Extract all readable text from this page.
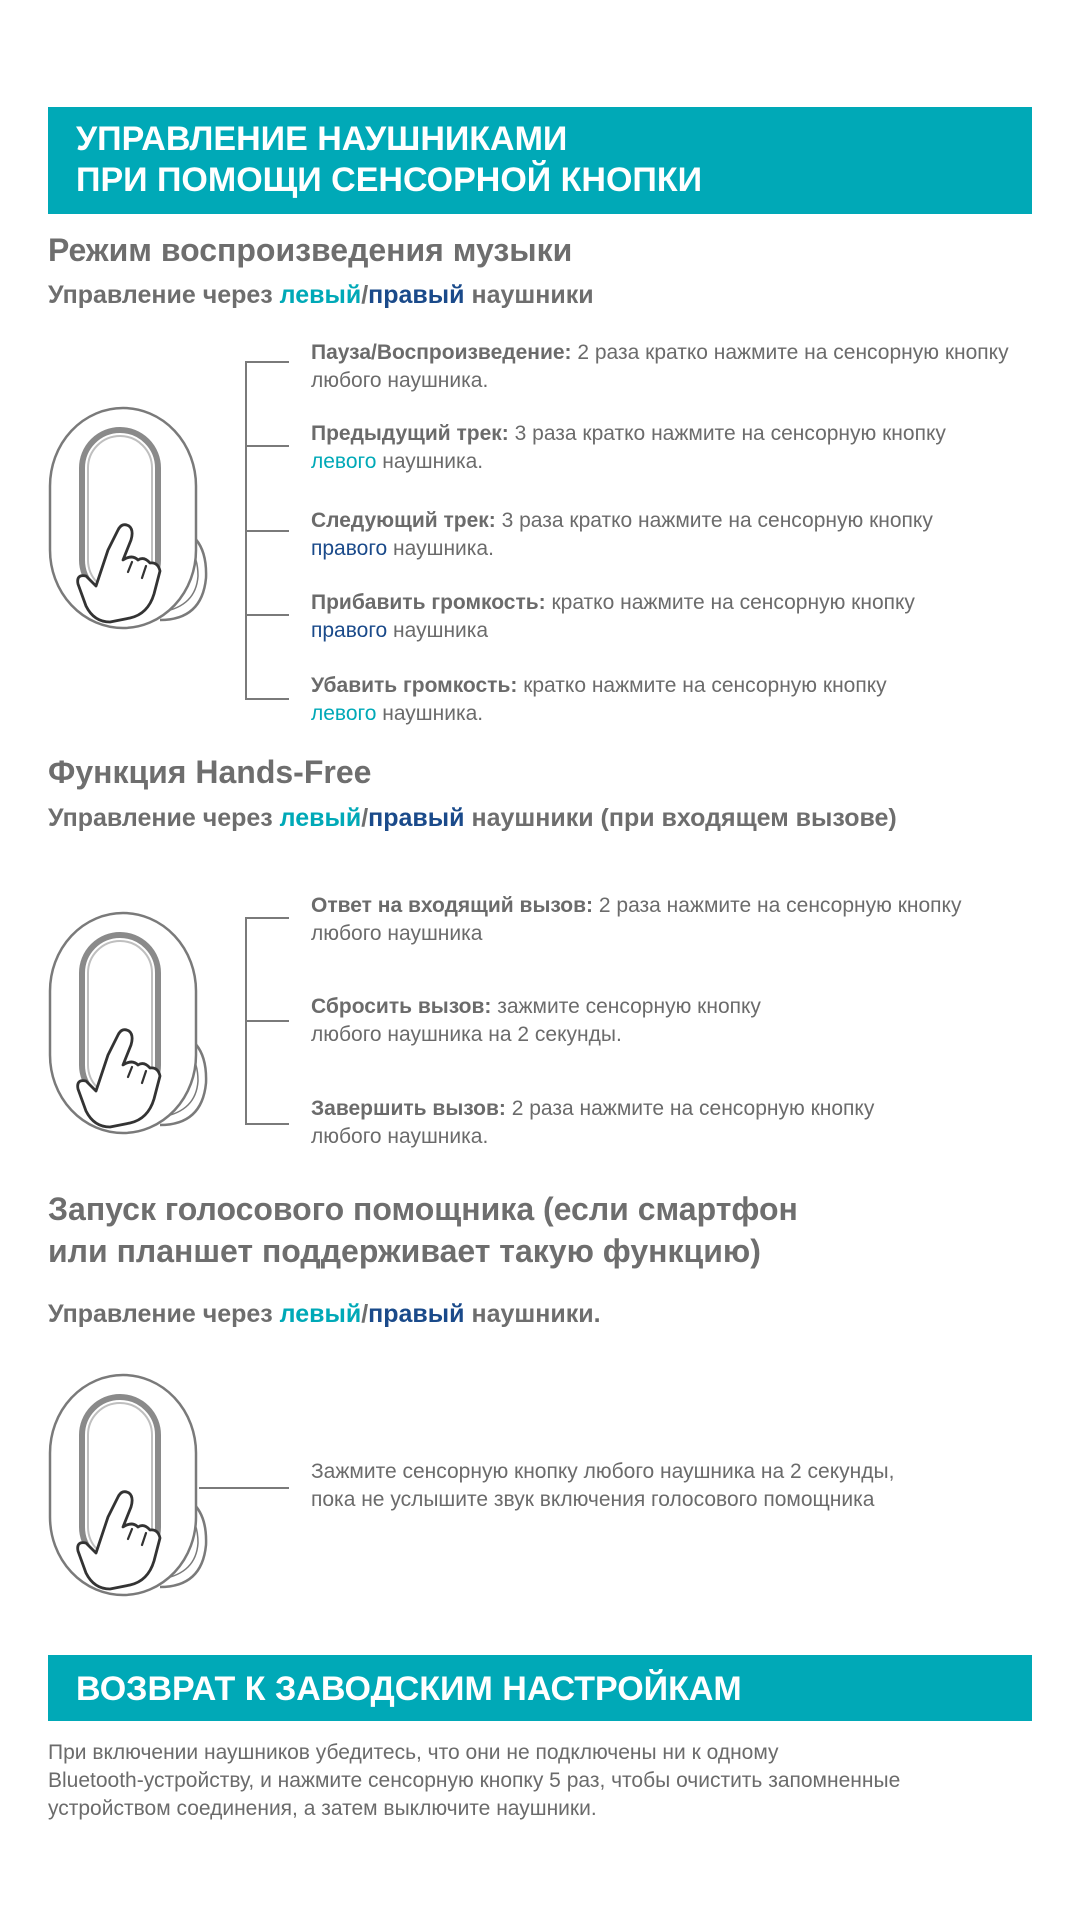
УПРАВЛЕНИЕ НАУШНИКАМИ
ПРИ ПОМОЩИ СЕНСОРНОЙ КНОПКИ
Режим воспроизведения музыки
Управление через левый/правый наушники
Пауза/Воспроизведение: 2 раза кратко нажмите на сенсорную кнопку любого наушника.
Предыдущий трек: 3 раза кратко нажмите на сенсорную кнопку
левого наушника.
Следующий трек: 3 раза кратко нажмите на сенсорную кнопку
правого наушника.
Прибавить громкость: кратко нажмите на сенсорную кнопку
правого наушника
Убавить громкость: кратко нажмите на сенсорную кнопку
левого наушника.
Функция Hands-Free
Управление через левый/правый наушники (при входящем вызове)
Ответ на входящий вызов: 2 раза нажмите на сенсорную кнопку
любого наушника
Сбросить вызов: зажмите сенсорную кнопку
любого наушника на 2 секунды.
Завершить вызов: 2 раза нажмите на сенсорную кнопку
любого наушника.
Запуск голосового помощника (если смартфон
или планшет поддерживает такую функцию)
Управление через левый/правый наушники.
Зажмите сенсорную кнопку любого наушника на 2 секунды,
пока не услышите звук включения голосового помощника
ВОЗВРАТ К ЗАВОДСКИМ НАСТРОЙКАМ
При включении наушников убедитесь, что они не подключены ни к одному
Bluetooth-устройству, и нажмите сенсорную кнопку 5 раз, чтобы очистить запомненные
устройством соединения, а затем выключите наушники.
